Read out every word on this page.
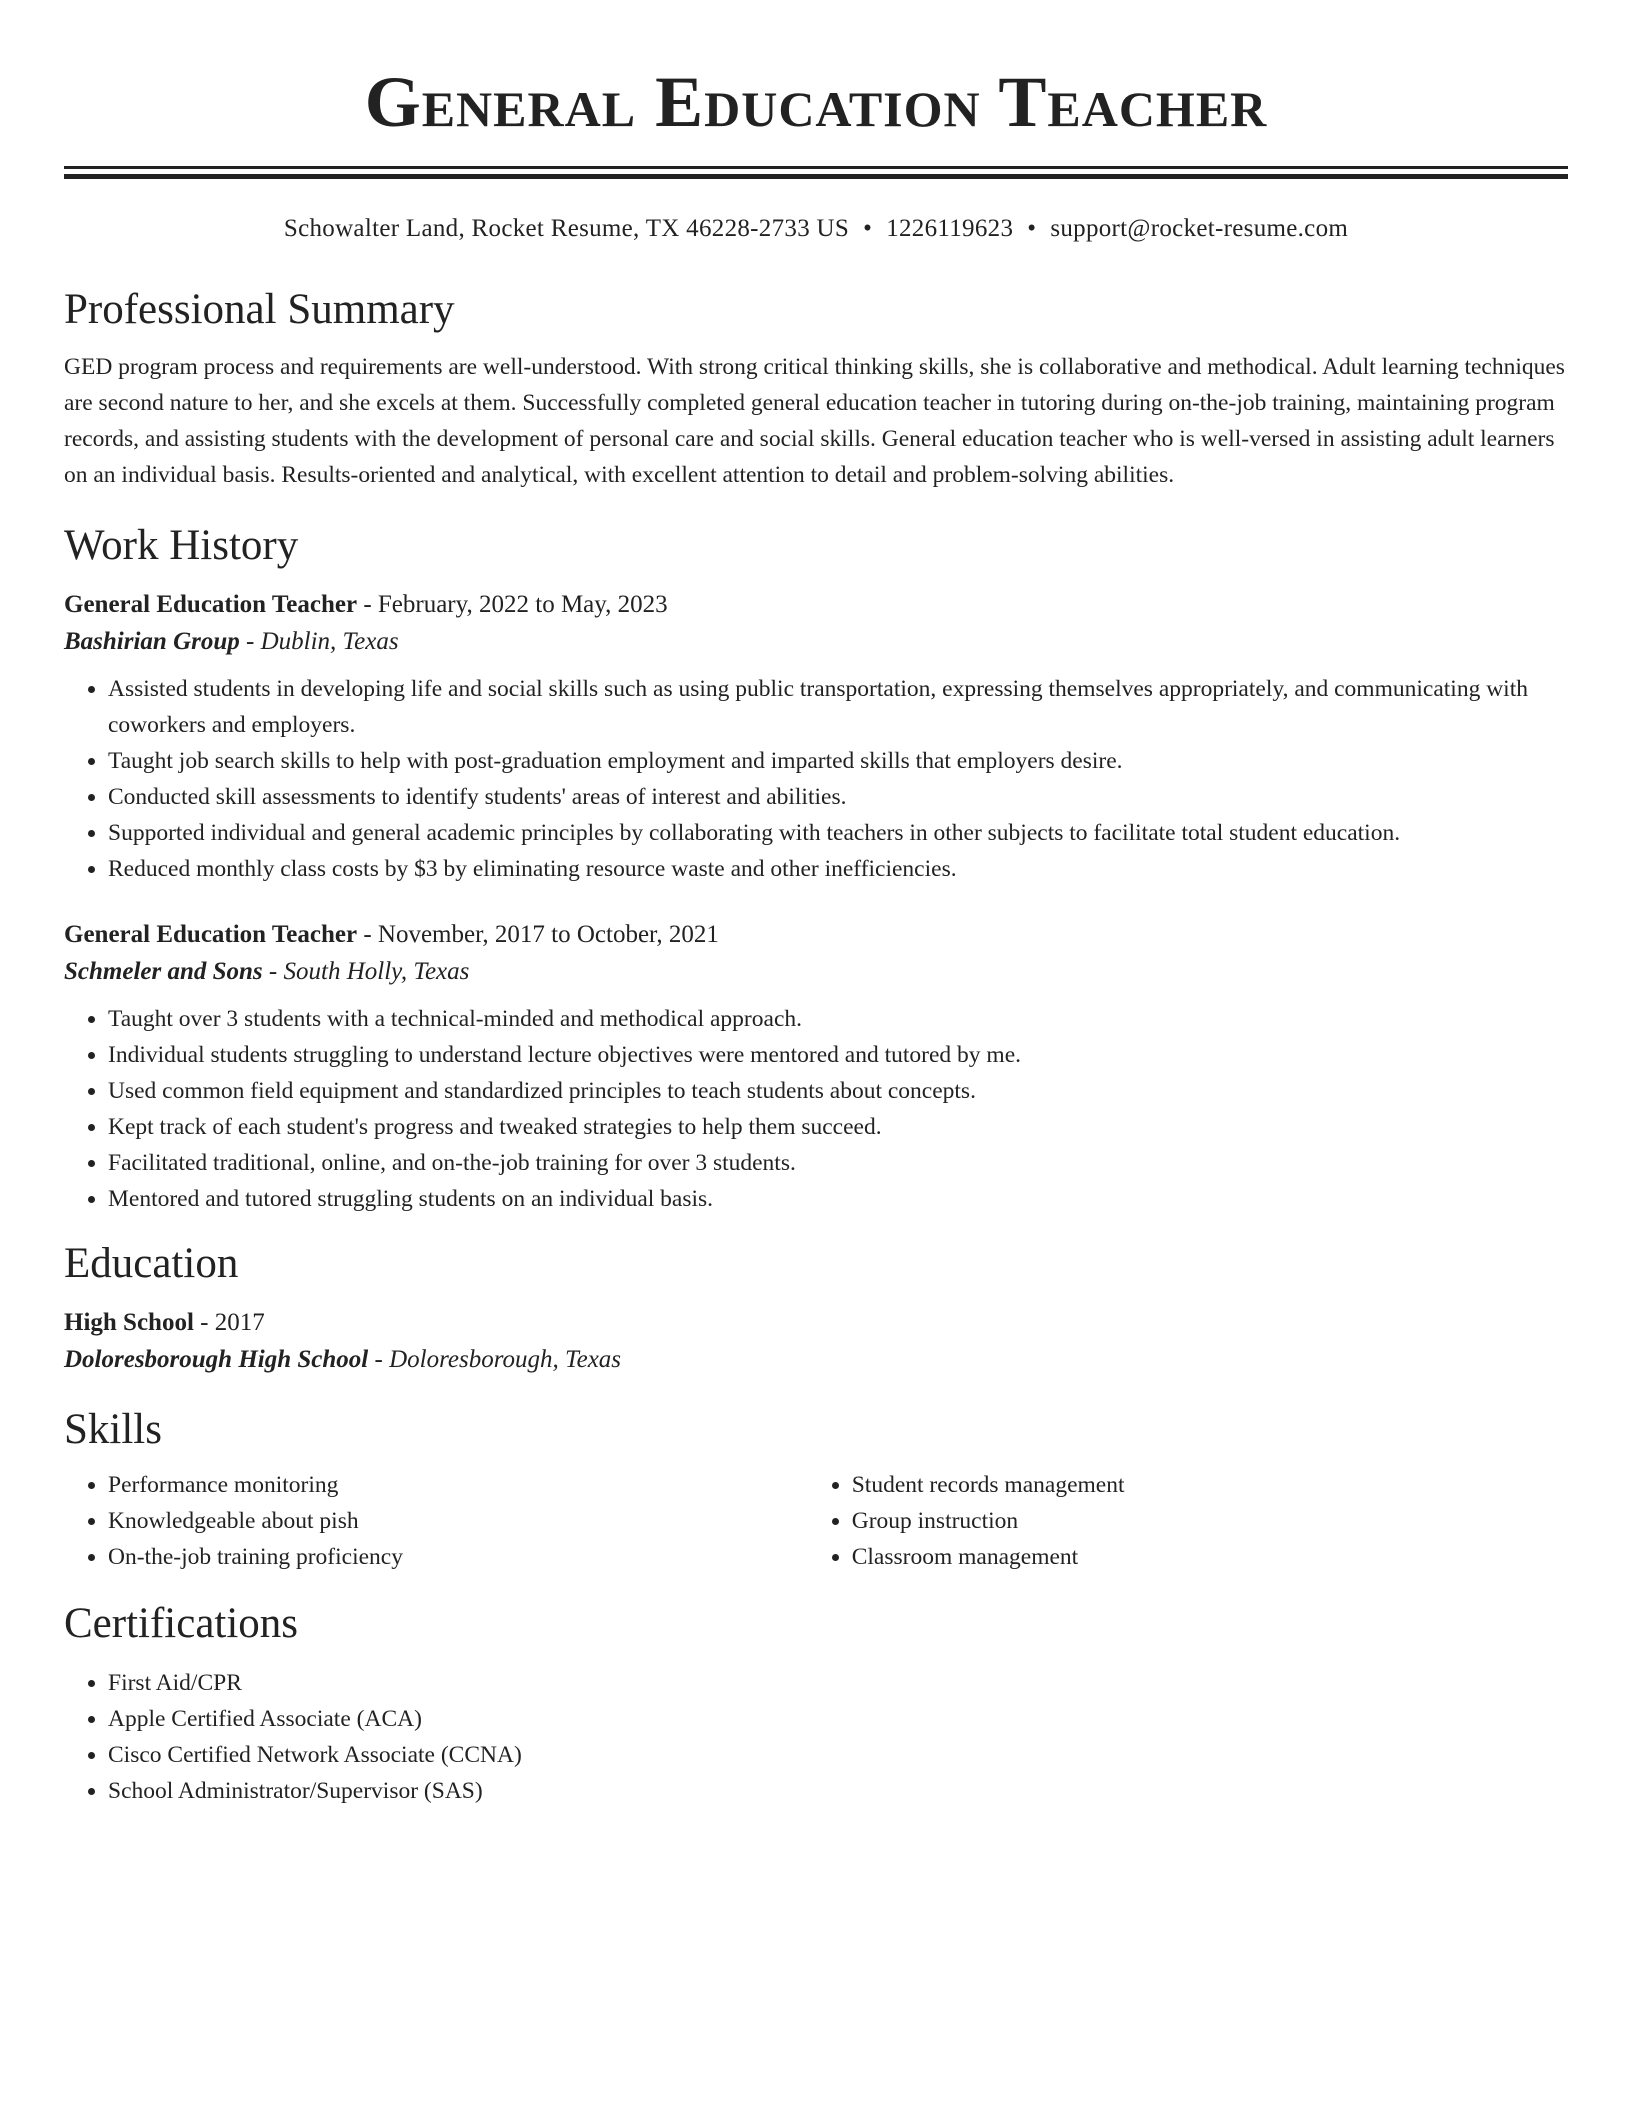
General Education Teacher
Schowalter Land, Rocket Resume, TX 46228-2733 US • 1226119623 • support@rocket-resume.com
Professional Summary
GED program process and requirements are well-understood. With strong critical thinking skills, she is collaborative and methodical. Adult learning techniques are second nature to her, and she excels at them. Successfully completed general education teacher in tutoring during on-the-job training, maintaining program records, and assisting students with the development of personal care and social skills. General education teacher who is well-versed in assisting adult learners on an individual basis. Results-oriented and analytical, with excellent attention to detail and problem-solving abilities.
Work History
General Education Teacher - February, 2022 to May, 2023
Bashirian Group - Dublin, Texas
• Assisted students in developing life and social skills such as using public transportation, expressing themselves appropriately, and communicating with coworkers and employers.
• Taught job search skills to help with post-graduation employment and imparted skills that employers desire.
• Conducted skill assessments to identify students' areas of interest and abilities.
• Supported individual and general academic principles by collaborating with teachers in other subjects to facilitate total student education.
• Reduced monthly class costs by $3 by eliminating resource waste and other inefficiencies.
General Education Teacher - November, 2017 to October, 2021
Schmeler and Sons - South Holly, Texas
• Taught over 3 students with a technical-minded and methodical approach.
• Individual students struggling to understand lecture objectives were mentored and tutored by me.
• Used common field equipment and standardized principles to teach students about concepts.
• Kept track of each student's progress and tweaked strategies to help them succeed.
• Facilitated traditional, online, and on-the-job training for over 3 students.
• Mentored and tutored struggling students on an individual basis.
Education
High School - 2017
Doloresborough High School - Doloresborough, Texas
Skills
• Performance monitoring
• Knowledgeable about pish
• On-the-job training proficiency
• Student records management
• Group instruction
• Classroom management
Certifications
• First Aid/CPR
• Apple Certified Associate (ACA)
• Cisco Certified Network Associate (CCNA)
• School Administrator/Supervisor (SAS)
